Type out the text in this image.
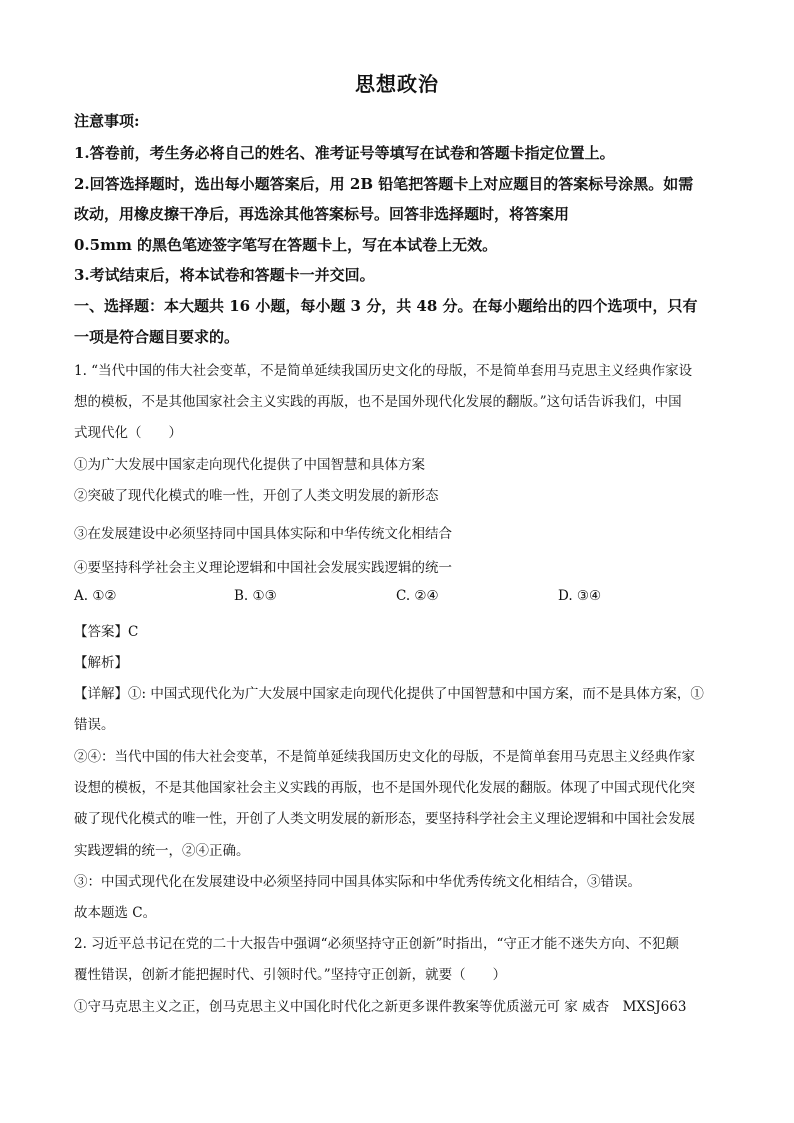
思想政治
注意事项:
1.答卷前，考生务必将自己的姓名、准考证号等填写在试卷和答题卡指定位置上。
2.回答选择题时，选出每小题答案后，用 2B 铅笔把答题卡上对应题目的答案标号涂黑。如需
改动，用橡皮擦干净后，再选涂其他答案标号。回答非选择题时，将答案用
0.5mm 的黑色笔迹签字笔写在答题卡上，写在本试卷上无效。
3.考试结束后，将本试卷和答题卡一并交回。
一、选择题：本大题共 16 小题，每小题 3 分，共 48 分。在每小题给出的四个选项中，只有
一项是符合题目要求的。
1. “当代中国的伟大社会变革，不是简单延续我国历史文化的母版，不是简单套用马克思主义经典作家设
想的模板，不是其他国家社会主义实践的再版，也不是国外现代化发展的翻版。”这句话告诉我们，中国
式现代化（　　）
①为广大发展中国家走向现代化提供了中国智慧和具体方案
②突破了现代化模式的唯一性，开创了人类文明发展的新形态
③在发展建设中必须坚持同中国具体实际和中华传统文化相结合
④要坚持科学社会主义理论逻辑和中国社会发展实践逻辑的统一
A. ①②	B. ①③	C. ②④	D. ③④
【答案】C
【解析】
【详解】①: 中国式现代化为广大发展中国家走向现代化提供了中国智慧和中国方案，而不是具体方案，①
错误。
②④：当代中国的伟大社会变革，不是简单延续我国历史文化的母版，不是简单套用马克思主义经典作家
设想的模板，不是其他国家社会主义实践的再版，也不是国外现代化发展的翻版。体现了中国式现代化突
破了现代化模式的唯一性，开创了人类文明发展的新形态，要坚持科学社会主义理论逻辑和中国社会发展
实践逻辑的统一，②④正确。
③：中国式现代化在发展建设中必须坚持同中国具体实际和中华优秀传统文化相结合，③错误。
故本题选 C。
2. 习近平总书记在党的二十大报告中强调“必须坚持守正创新”时指出，“守正才能不迷失方向、不犯颠
覆性错误，创新才能把握时代、引领时代。”坚持守正创新，就要（　　）
①守马克思主义之正，创马克思主义中国化时代化之新更多课件教案等优质滋元可 家 威杏　MXSJ663
